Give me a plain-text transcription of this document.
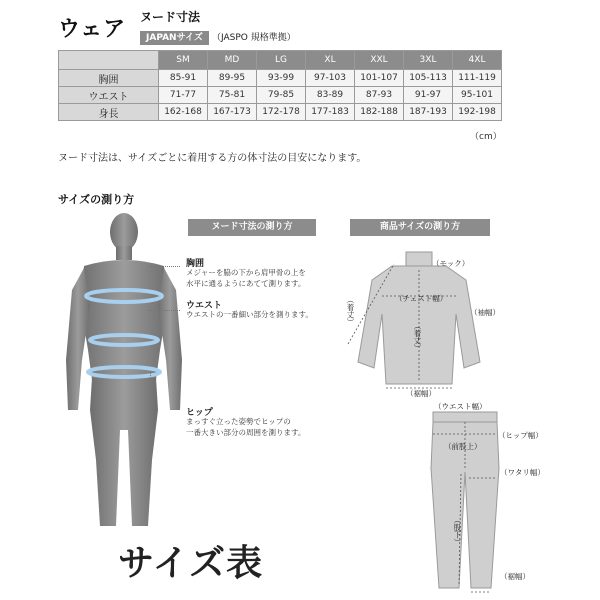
ウェア ヌード寸法
JAPANサイズ	（JASPO 規格準拠）
	SM	MD	LG	XL	XXL	3XL	4XL
胸囲	85-91	89-95	93-99	97-103	101-107	105-113	111-119
ウエスト	71-77	75-81	79-85	83-89	87-93	91-97	95-101
身長	162-168	167-173	172-178	177-183	182-188	187-193	192-198
（cm）
ヌード寸法は、サイズごとに着用する方の体寸法の目安になります。
サイズの測り方
ヌード寸法の測り方	商品サイズの測り方
胸囲
メジャーを脇の下から肩甲骨の上を
水平に通るようにあてて測ります。
ウエスト
ウエストの一番細い部分を測ります。
ヒップ
まっすぐ立った姿勢でヒップの
一番大きい部分の周囲を測ります。
（モック）
（チェスト幅）
（袖幅）
（着丈）
（着丈）
（裾幅）
（ウエスト幅）
（ヒップ幅）
（前股上）
（ワタリ幅）
（股下）
（裾幅）
サイズ表
